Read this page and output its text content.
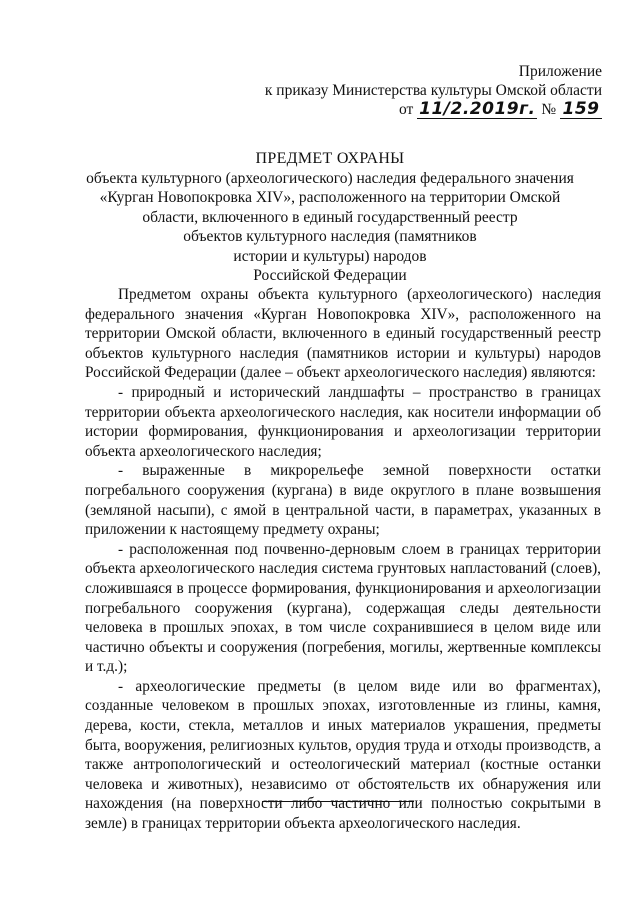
Приложение
к приказу Министерства культуры Омской области
от 11/2.2019г. № 159
ПРЕДМЕТ ОХРАНЫ
объекта культурного (археологического) наследия федерального значения
«Курган Новопокровка XIV», расположенного на территории Омской
области, включенного в единый государственный реестр
объектов культурного наследия (памятников
истории и культуры) народов
Российской Федерации

Предметом охраны объекта культурного (археологического) наследия федерального значения «Курган Новопокровка XIV», расположенного на территории Омской области, включенного в единый государственный реестр объектов культурного наследия (памятников истории и культуры) народов Российской Федерации (далее – объект археологического наследия) являются:

- природный и исторический ландшафты – пространство в границах территории объекта археологического наследия, как носители информации об истории формирования, функционирования и археологизации территории объекта археологического наследия;

- выраженные в микрорельефе земной поверхности остатки погребального сооружения (кургана) в виде округлого в плане возвышения (земляной насыпи), с ямой в центральной части, в параметрах, указанных в приложении к настоящему предмету охраны;

- расположенная под почвенно-дерновым слоем в границах территории объекта археологического наследия система грунтовых напластований (слоев), сложившаяся в процессе формирования, функционирования и археологизации погребального сооружения (кургана), содержащая следы деятельности человека в прошлых эпохах, в том числе сохранившиеся в целом виде или частично объекты и сооружения (погребения, могилы, жертвенные комплексы и т.д.);

- археологические предметы (в целом виде или во фрагментах), созданные человеком в прошлых эпохах, изготовленные из глины, камня, дерева, кости, стекла, металлов и иных материалов украшения, предметы быта, вооружения, религиозных культов, орудия труда и отходы производств, а также антропологический и остеологический материал (костные останки человека и животных), независимо от обстоятельств их обнаружения или нахождения (на поверхности либо частично или полностью сокрытыми в земле) в границах территории объекта археологического наследия.
